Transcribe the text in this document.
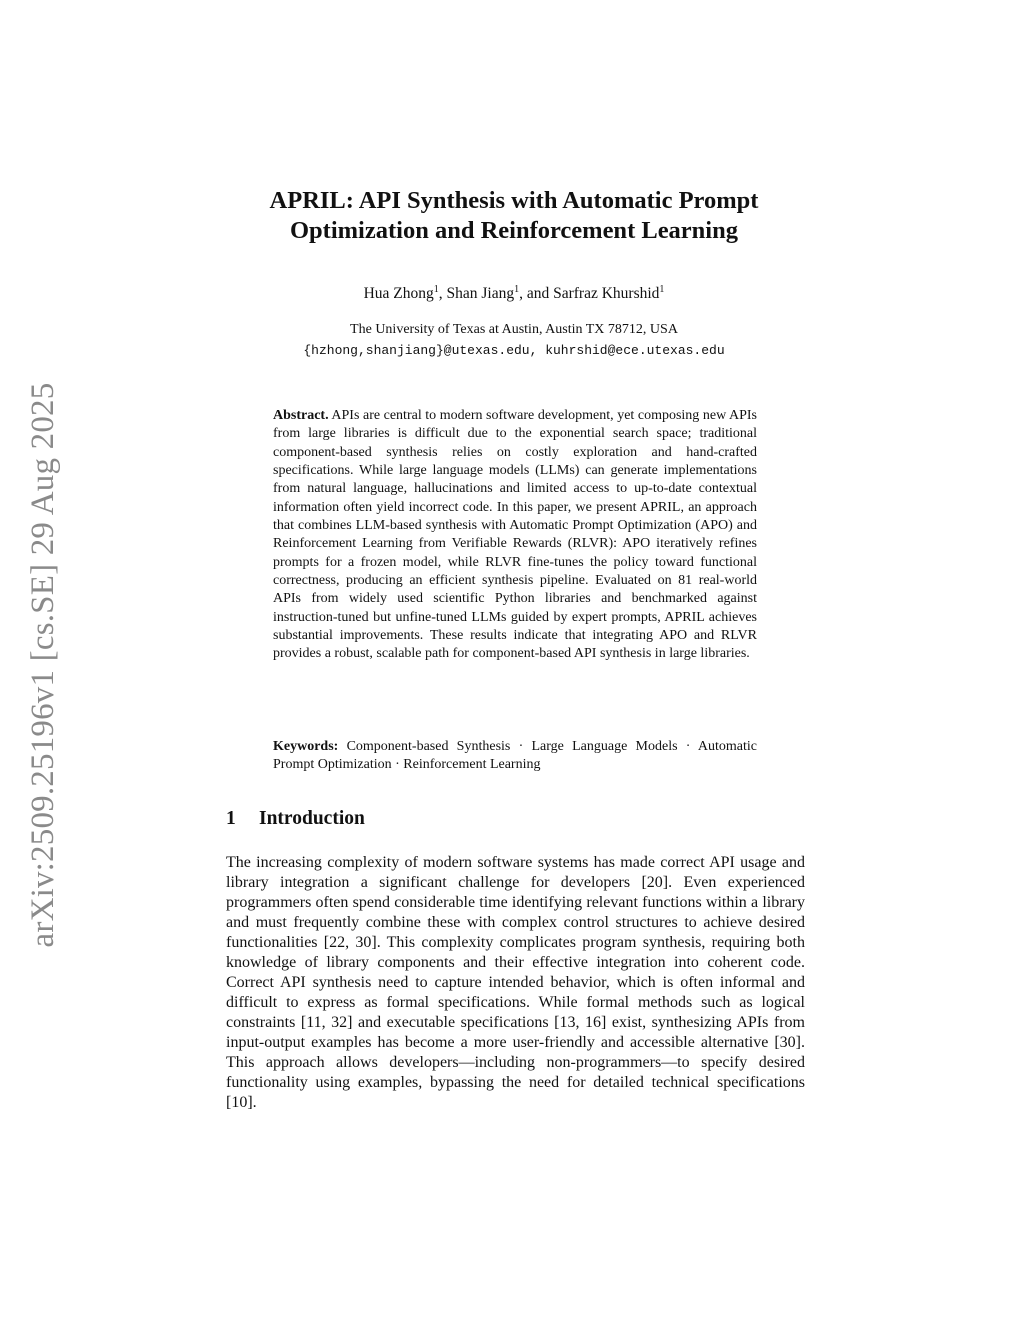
arXiv:2509.25196v1 [cs.SE] 29 Aug 2025
APRIL: API Synthesis with Automatic Prompt Optimization and Reinforcement Learning
Hua Zhong$^1$, Shan Jiang$^1$, and Sarfraz Khurshid$^1$
The University of Texas at Austin, Austin TX 78712, USA
{hzhong,shanjiang}@utexas.edu, kuhrshid@ece.utexas.edu
Abstract. APIs are central to modern software development, yet composing new APIs from large libraries is difficult due to the exponential search space; traditional component-based synthesis relies on costly exploration and hand-crafted specifications. While large language models (LLMs) can generate implementations from natural language, hallucinations and limited access to up-to-date contextual information often yield incorrect code. In this paper, we present APRIL, an approach that combines LLM-based synthesis with Automatic Prompt Optimization (APO) and Reinforcement Learning from Verifiable Rewards (RLVR): APO iteratively refines prompts for a frozen model, while RLVR fine-tunes the policy toward functional correctness, producing an efficient synthesis pipeline. Evaluated on 81 real-world APIs from widely used scientific Python libraries and benchmarked against instruction-tuned but unfine-tuned LLMs guided by expert prompts, APRIL achieves substantial improvements. These results indicate that integrating APO and RLVR provides a robust, scalable path for component-based API synthesis in large libraries.
Keywords: Component-based Synthesis · Large Language Models · Automatic Prompt Optimization · Reinforcement Learning
1 Introduction

The increasing complexity of modern software systems has made correct API usage and library integration a significant challenge for developers [20]. Even experienced programmers often spend considerable time identifying relevant functions within a library and must frequently combine these with complex control structures to achieve desired functionalities [22, 30]. This complexity complicates program synthesis, requiring both knowledge of library components and their effective integration into coherent code. Correct API synthesis need to capture intended behavior, which is often informal and difficult to express as formal specifications. While formal methods such as logical constraints [11, 32] and executable specifications [13, 16] exist, synthesizing APIs from input-output examples has become a more user-friendly and accessible alternative [30]. This approach allows developers—including non-programmers—to specify desired functionality using examples, bypassing the need for detailed technical specifications [10].
